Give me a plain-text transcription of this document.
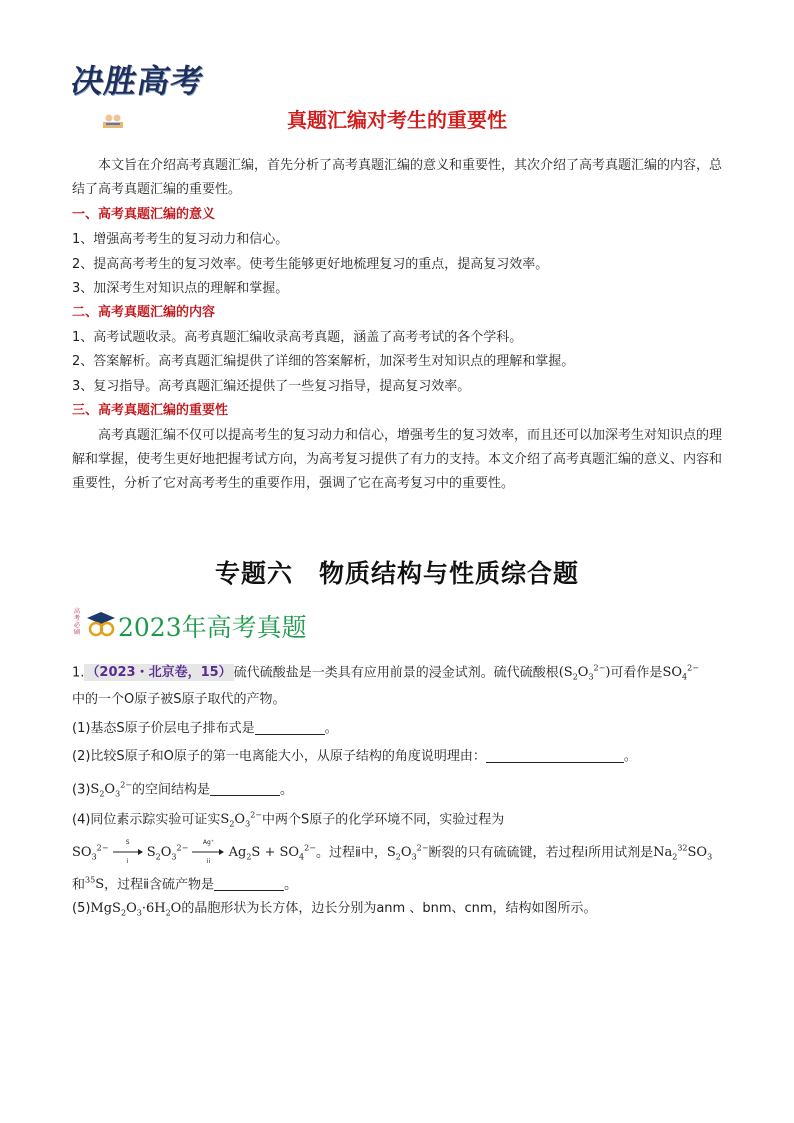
决胜高考
真题汇编对考生的重要性

本文旨在介绍高考真题汇编，首先分析了高考真题汇编的意义和重要性，其次介绍了高考真题汇编的内容，总结了高考真题汇编的重要性。

一、高考真题汇编的意义
1、增强高考考生的复习动力和信心。
2、提高高考考生的复习效率。使考生能够更好地梳理复习的重点，提高复习效率。
3、加深考生对知识点的理解和掌握。
二、高考真题汇编的内容
1、高考试题收录。高考真题汇编收录高考真题，涵盖了高考考试的各个学科。
2、答案解析。高考真题汇编提供了详细的答案解析，加深考生对知识点的理解和掌握。
3、复习指导。高考真题汇编还提供了一些复习指导，提高复习效率。
三、高考真题汇编的重要性

高考真题汇编不仅可以提高考生的复习动力和信心，增强考生的复习效率，而且还可以加深考生对知识点的理解和掌握，使考生更好地把握考试方向，为高考复习提供了有力的支持。本文介绍了高考真题汇编的意义、内容和重要性，分析了它对高考考生的重要作用，强调了它在高考复习中的重要性。

专题六　物质结构与性质综合题
高考必刷 2023年高考真题
1. （2023・北京卷，15） 硫代硫酸盐是一类具有应用前景的浸金试剂。硫代硫酸根$(S_2O_3^{2-})$可看作是$SO_4^{2-}$
中的一个O原子被S原子取代的产物。
(1)基态S原子价层电子排布式是	。
(2)比较S原子和O原子的第一电离能大小，从原子结构的角度说明理由：	。
$(3)S_2O_3^{2-}$的空间结构是	。
(4)同位素示踪实验可证实$S_2O_3^{2-}$中两个S原子的化学环境不同，实验过程为
$SO_3^{2-}$
S
i
$S_2O_3^{2-}$
Ag⁺
ii
$Ag_2S + SO_4^{2-}$。过程ⅱ中，$S_2O_3^{2-}$断裂的只有硫硫键，若过程ⅰ所用试剂是$Na_2^{32}SO_3$
和$^{35}$S，过程ⅱ含硫产物是	。
$(5)MgS_2O_3\cdot 6H_2O$的晶胞形状为长方体，边长分别为anm 、bnm、cnm，结构如图所示。
